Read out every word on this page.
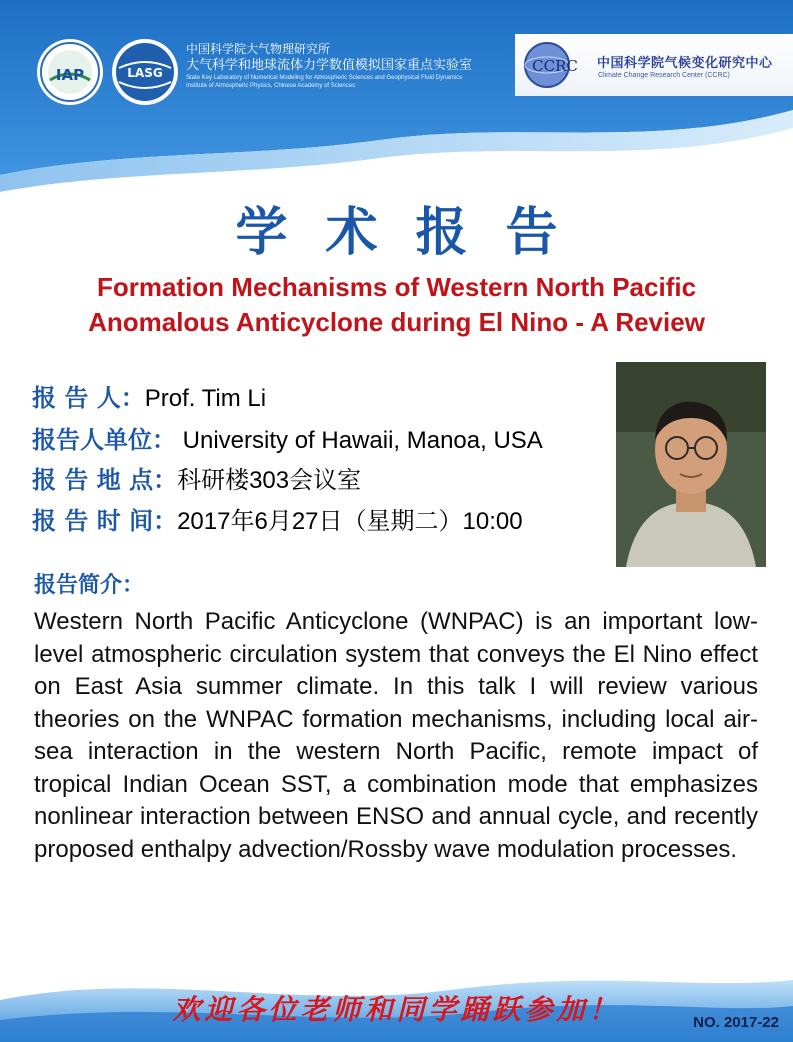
IAP	LASG
中国科学院大气物理研究所
大气科学和地球流体力学数值模拟国家重点实验室
State Key Laboratory of Numerical Modeling for Atmospheric Sciences and Geophysical Fluid Dynamics
Institute of Atmospheric Physics, Chinese Academy of Sciences
CCRC 中国科学院气候变化研究中心
Climate Change Research Center (CCRC)
学术报告
Formation Mechanisms of Western North Pacific
Anomalous Anticyclone during El Nino - A Review
报 告 人：Prof. Tim Li
报告人单位： University of Hawaii, Manoa, USA
报 告 地 点：科研楼303会议室
报 告 时 间：2017年6月27日（星期二）10:00
报告简介：

Western North Pacific Anticyclone (WNPAC) is an important low-level atmospheric circulation system that conveys the El Nino effect on East Asia summer climate. In this talk I will review various theories on the WNPAC formation mechanisms, including local air-sea interaction in the western North Pacific, remote impact of tropical Indian Ocean SST, a combination mode that emphasizes nonlinear interaction between ENSO and annual cycle, and recently proposed enthalpy advection/Rossby wave modulation processes.

欢迎各位老师和同学踊跃参加！	NO. 2017-22
